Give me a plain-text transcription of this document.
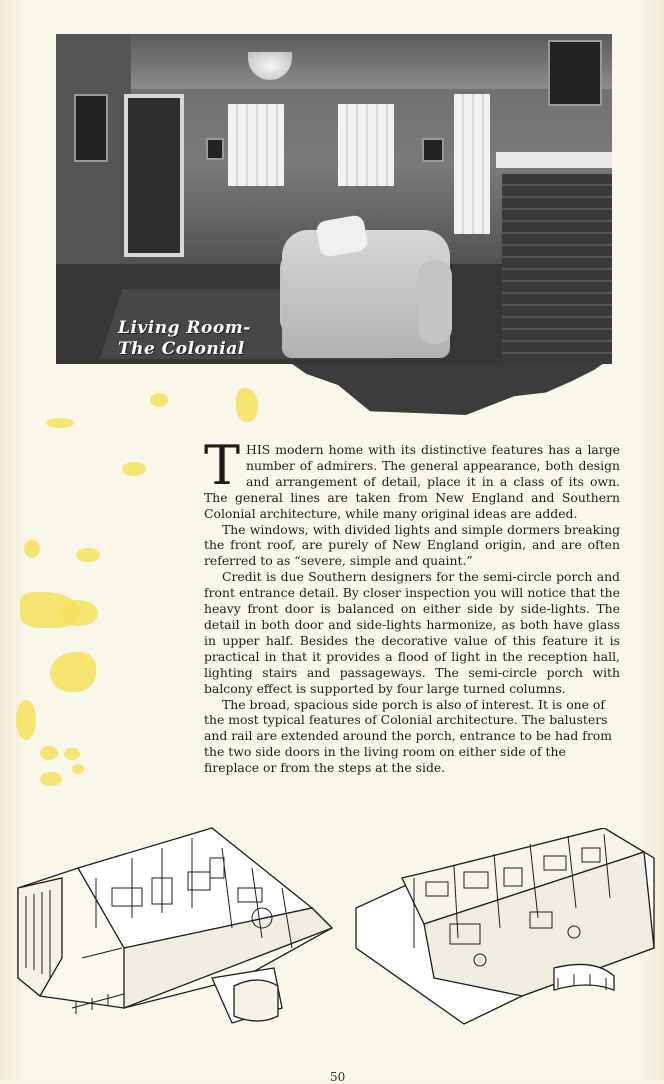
Living Room-
The Colonial

THIS modern home with its distinctive features has a large number of admirers. The general appearance, both design and arrangement of detail, place it in a class of its own. The general lines are taken from New England and Southern Colonial architecture, while many original ideas are added.

The windows, with divided lights and simple dormers breaking the front roof, are purely of New England origin, and are often referred to as “severe, simple and quaint.”

Credit is due Southern designers for the semi-circle porch and front entrance detail. By closer inspection you will notice that the heavy front door is balanced on either side by side-lights. The detail in both door and side-lights harmonize, as both have glass in upper half. Besides the decorative value of this feature it is practical in that it provides a flood of light in the reception hall, lighting stairs and passageways. The semi-circle porch with balcony effect is supported by four large turned columns.

The broad, spacious side porch is also of interest. It is one of the most typical features of Colonial architecture. The balusters and rail are extended around the porch, entrance to be had from the two side doors in the living room on either side of the fireplace or from the steps at the side.

50
